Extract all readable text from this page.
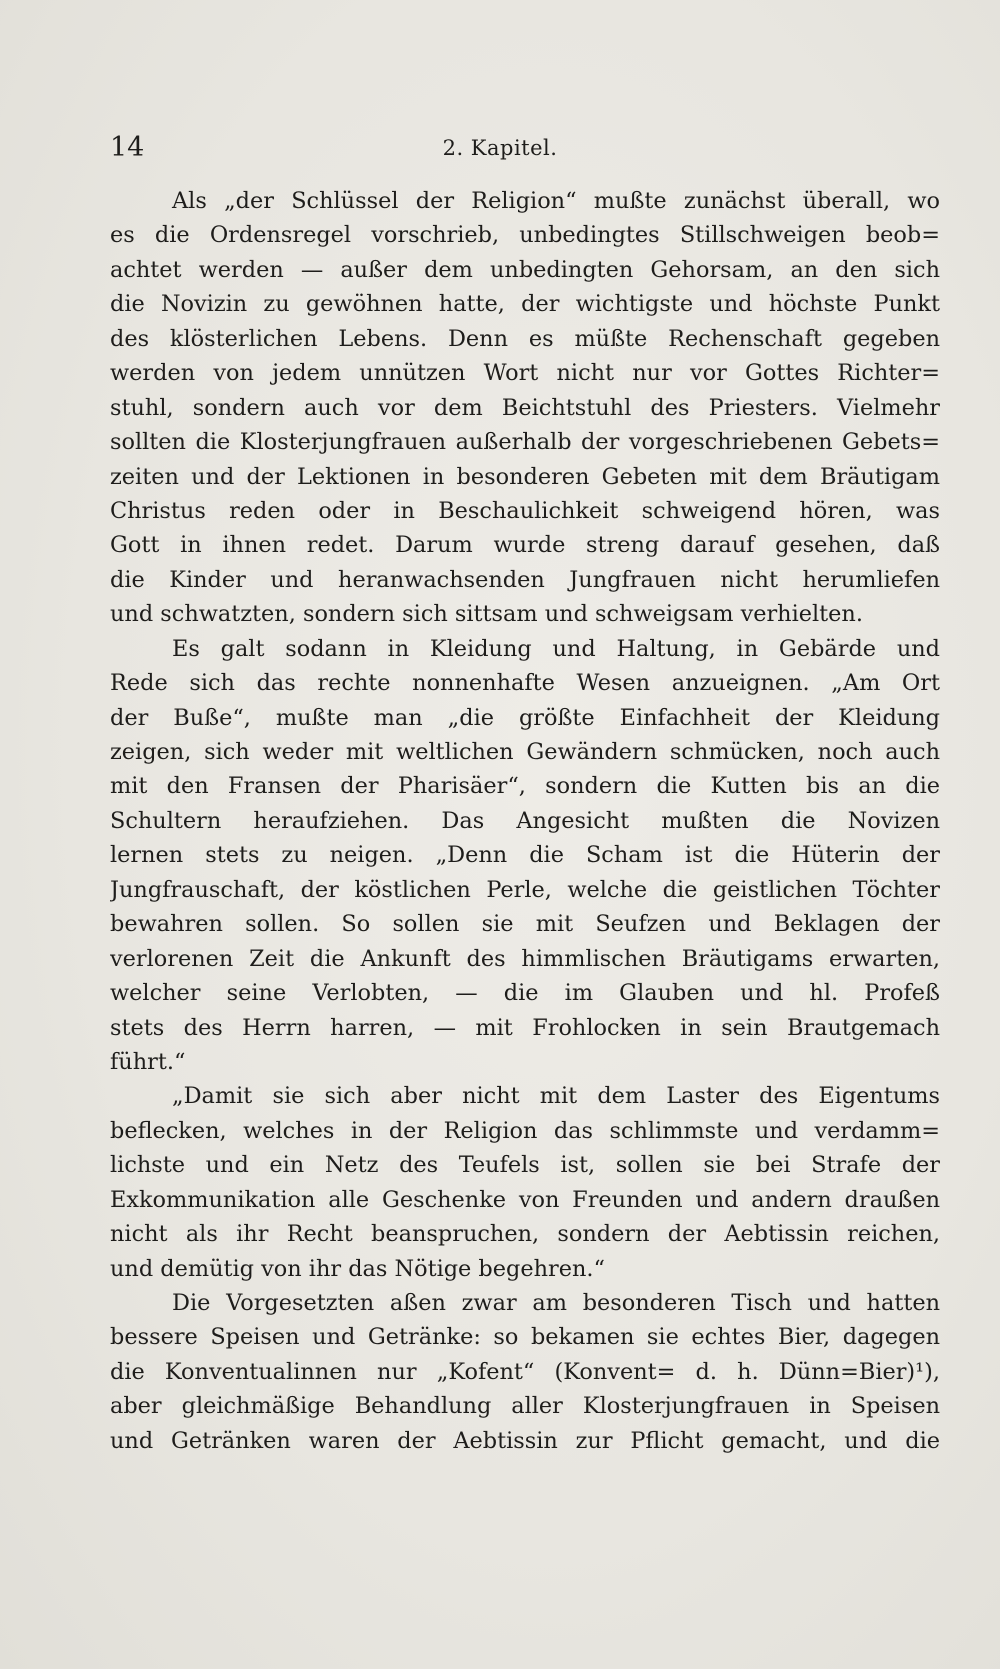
14	2. Kapitel.
Als „der Schlüssel der Religion“ mußte zunächst überall, wo
es die Ordensregel vorschrieb, unbedingtes Stillschweigen beob=
achtet werden — außer dem unbedingten Gehorsam, an den sich
die Novizin zu gewöhnen hatte, der wichtigste und höchste Punkt
des klösterlichen Lebens. Denn es müßte Rechenschaft gegeben
werden von jedem unnützen Wort nicht nur vor Gottes Richter=
stuhl, sondern auch vor dem Beichtstuhl des Priesters. Vielmehr
sollten die Klosterjungfrauen außerhalb der vorgeschriebenen Gebets=
zeiten und der Lektionen in besonderen Gebeten mit dem Bräutigam
Christus reden oder in Beschaulichkeit schweigend hören, was
Gott in ihnen redet. Darum wurde streng darauf gesehen, daß
die Kinder und heranwachsenden Jungfrauen nicht herumliefen
und schwatzten, sondern sich sittsam und schweigsam verhielten.
Es galt sodann in Kleidung und Haltung, in Gebärde und
Rede sich das rechte nonnenhafte Wesen anzueignen. „Am Ort
der Buße“, mußte man „die größte Einfachheit der Kleidung
zeigen, sich weder mit weltlichen Gewändern schmücken, noch auch
mit den Fransen der Pharisäer“, sondern die Kutten bis an die
Schultern heraufziehen. Das Angesicht mußten die Novizen
lernen stets zu neigen. „Denn die Scham ist die Hüterin der
Jungfrauschaft, der köstlichen Perle, welche die geistlichen Töchter
bewahren sollen. So sollen sie mit Seufzen und Beklagen der
verlorenen Zeit die Ankunft des himmlischen Bräutigams erwarten,
welcher seine Verlobten, — die im Glauben und hl. Profeß
stets des Herrn harren, — mit Frohlocken in sein Brautgemach
führt.“
„Damit sie sich aber nicht mit dem Laster des Eigentums
beflecken, welches in der Religion das schlimmste und verdamm=
lichste und ein Netz des Teufels ist, sollen sie bei Strafe der
Exkommunikation alle Geschenke von Freunden und andern draußen
nicht als ihr Recht beanspruchen, sondern der Aebtissin reichen,
und demütig von ihr das Nötige begehren.“
Die Vorgesetzten aßen zwar am besonderen Tisch und hatten
bessere Speisen und Getränke: so bekamen sie echtes Bier, dagegen
die Konventualinnen nur „Kofent“ (Konvent= d. h. Dünn=Bier)¹),
aber gleichmäßige Behandlung aller Klosterjungfrauen in Speisen
und Getränken waren der Aebtissin zur Pflicht gemacht, und die
